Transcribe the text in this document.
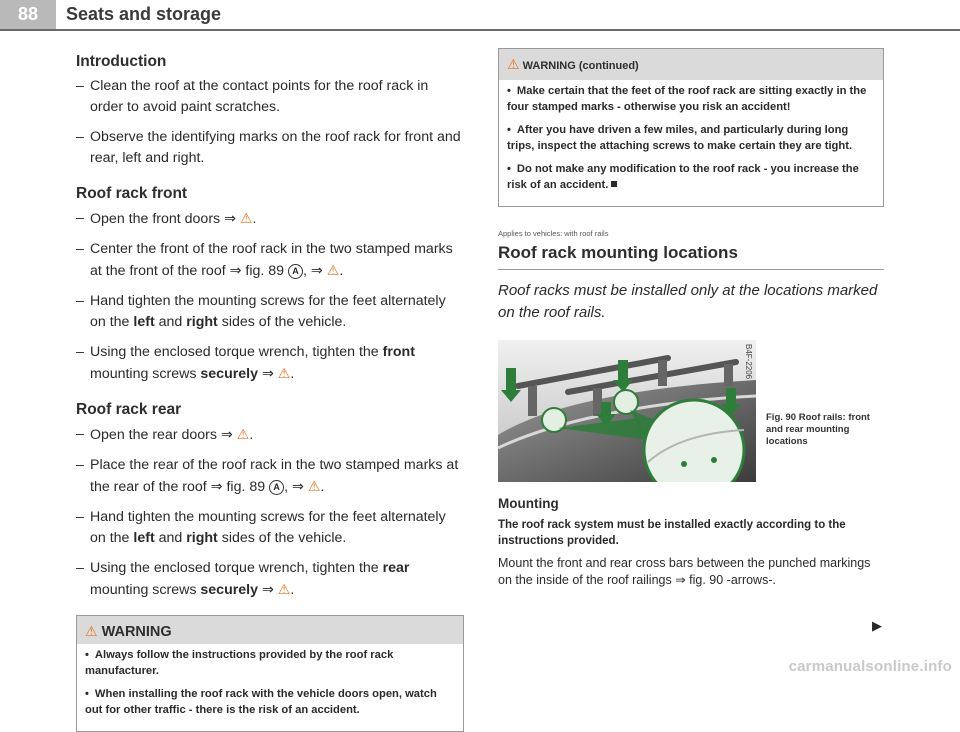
88	Seats and storage
Introduction
– Clean the roof at the contact points for the roof rack in order to avoid paint scratches.
– Observe the identifying marks on the roof rack for front and rear, left and right.
Roof rack front
– Open the front doors ⇒ ⚠.
– Center the front of the roof rack in the two stamped marks at the front of the roof ⇒ fig. 89 A , ⇒ ⚠.
– Hand tighten the mounting screws for the feet alternately on the left and right sides of the vehicle.
– Using the enclosed torque wrench, tighten the front mounting screws securely ⇒ ⚠.
Roof rack rear
– Open the rear doors ⇒ ⚠.
– Place the rear of the roof rack in the two stamped marks at the rear of the roof ⇒ fig. 89 A , ⇒ ⚠.
– Hand tighten the mounting screws for the feet alternately on the left and right sides of the vehicle.
– Using the enclosed torque wrench, tighten the rear mounting screws securely ⇒ ⚠.
⚠ WARNING

• Always follow the instructions provided by the roof rack manufacturer.

• When installing the roof rack with the vehicle doors open, watch out for other traffic - there is the risk of an accident.

⚠ WARNING (continued)

• Make certain that the feet of the roof rack are sitting exactly in the four stamped marks - otherwise you risk an accident!

• After you have driven a few miles, and particularly during long trips, inspect the attaching screws to make certain they are tight.

• Do not make any modification to the roof rack - you increase the risk of an accident.

Applies to vehicles: with roof rails
Roof rack mounting locations

Roof racks must be installed only at the locations marked on the roof rails.

B4F-2206
Fig. 90 Roof rails: front and rear mounting locations
Mounting
The roof rack system must be installed exactly according to the instructions provided.
Mount the front and rear cross bars between the punched markings on the inside of the roof railings ⇒ fig. 90 -arrows-.
▶
carmanualsonline.info
